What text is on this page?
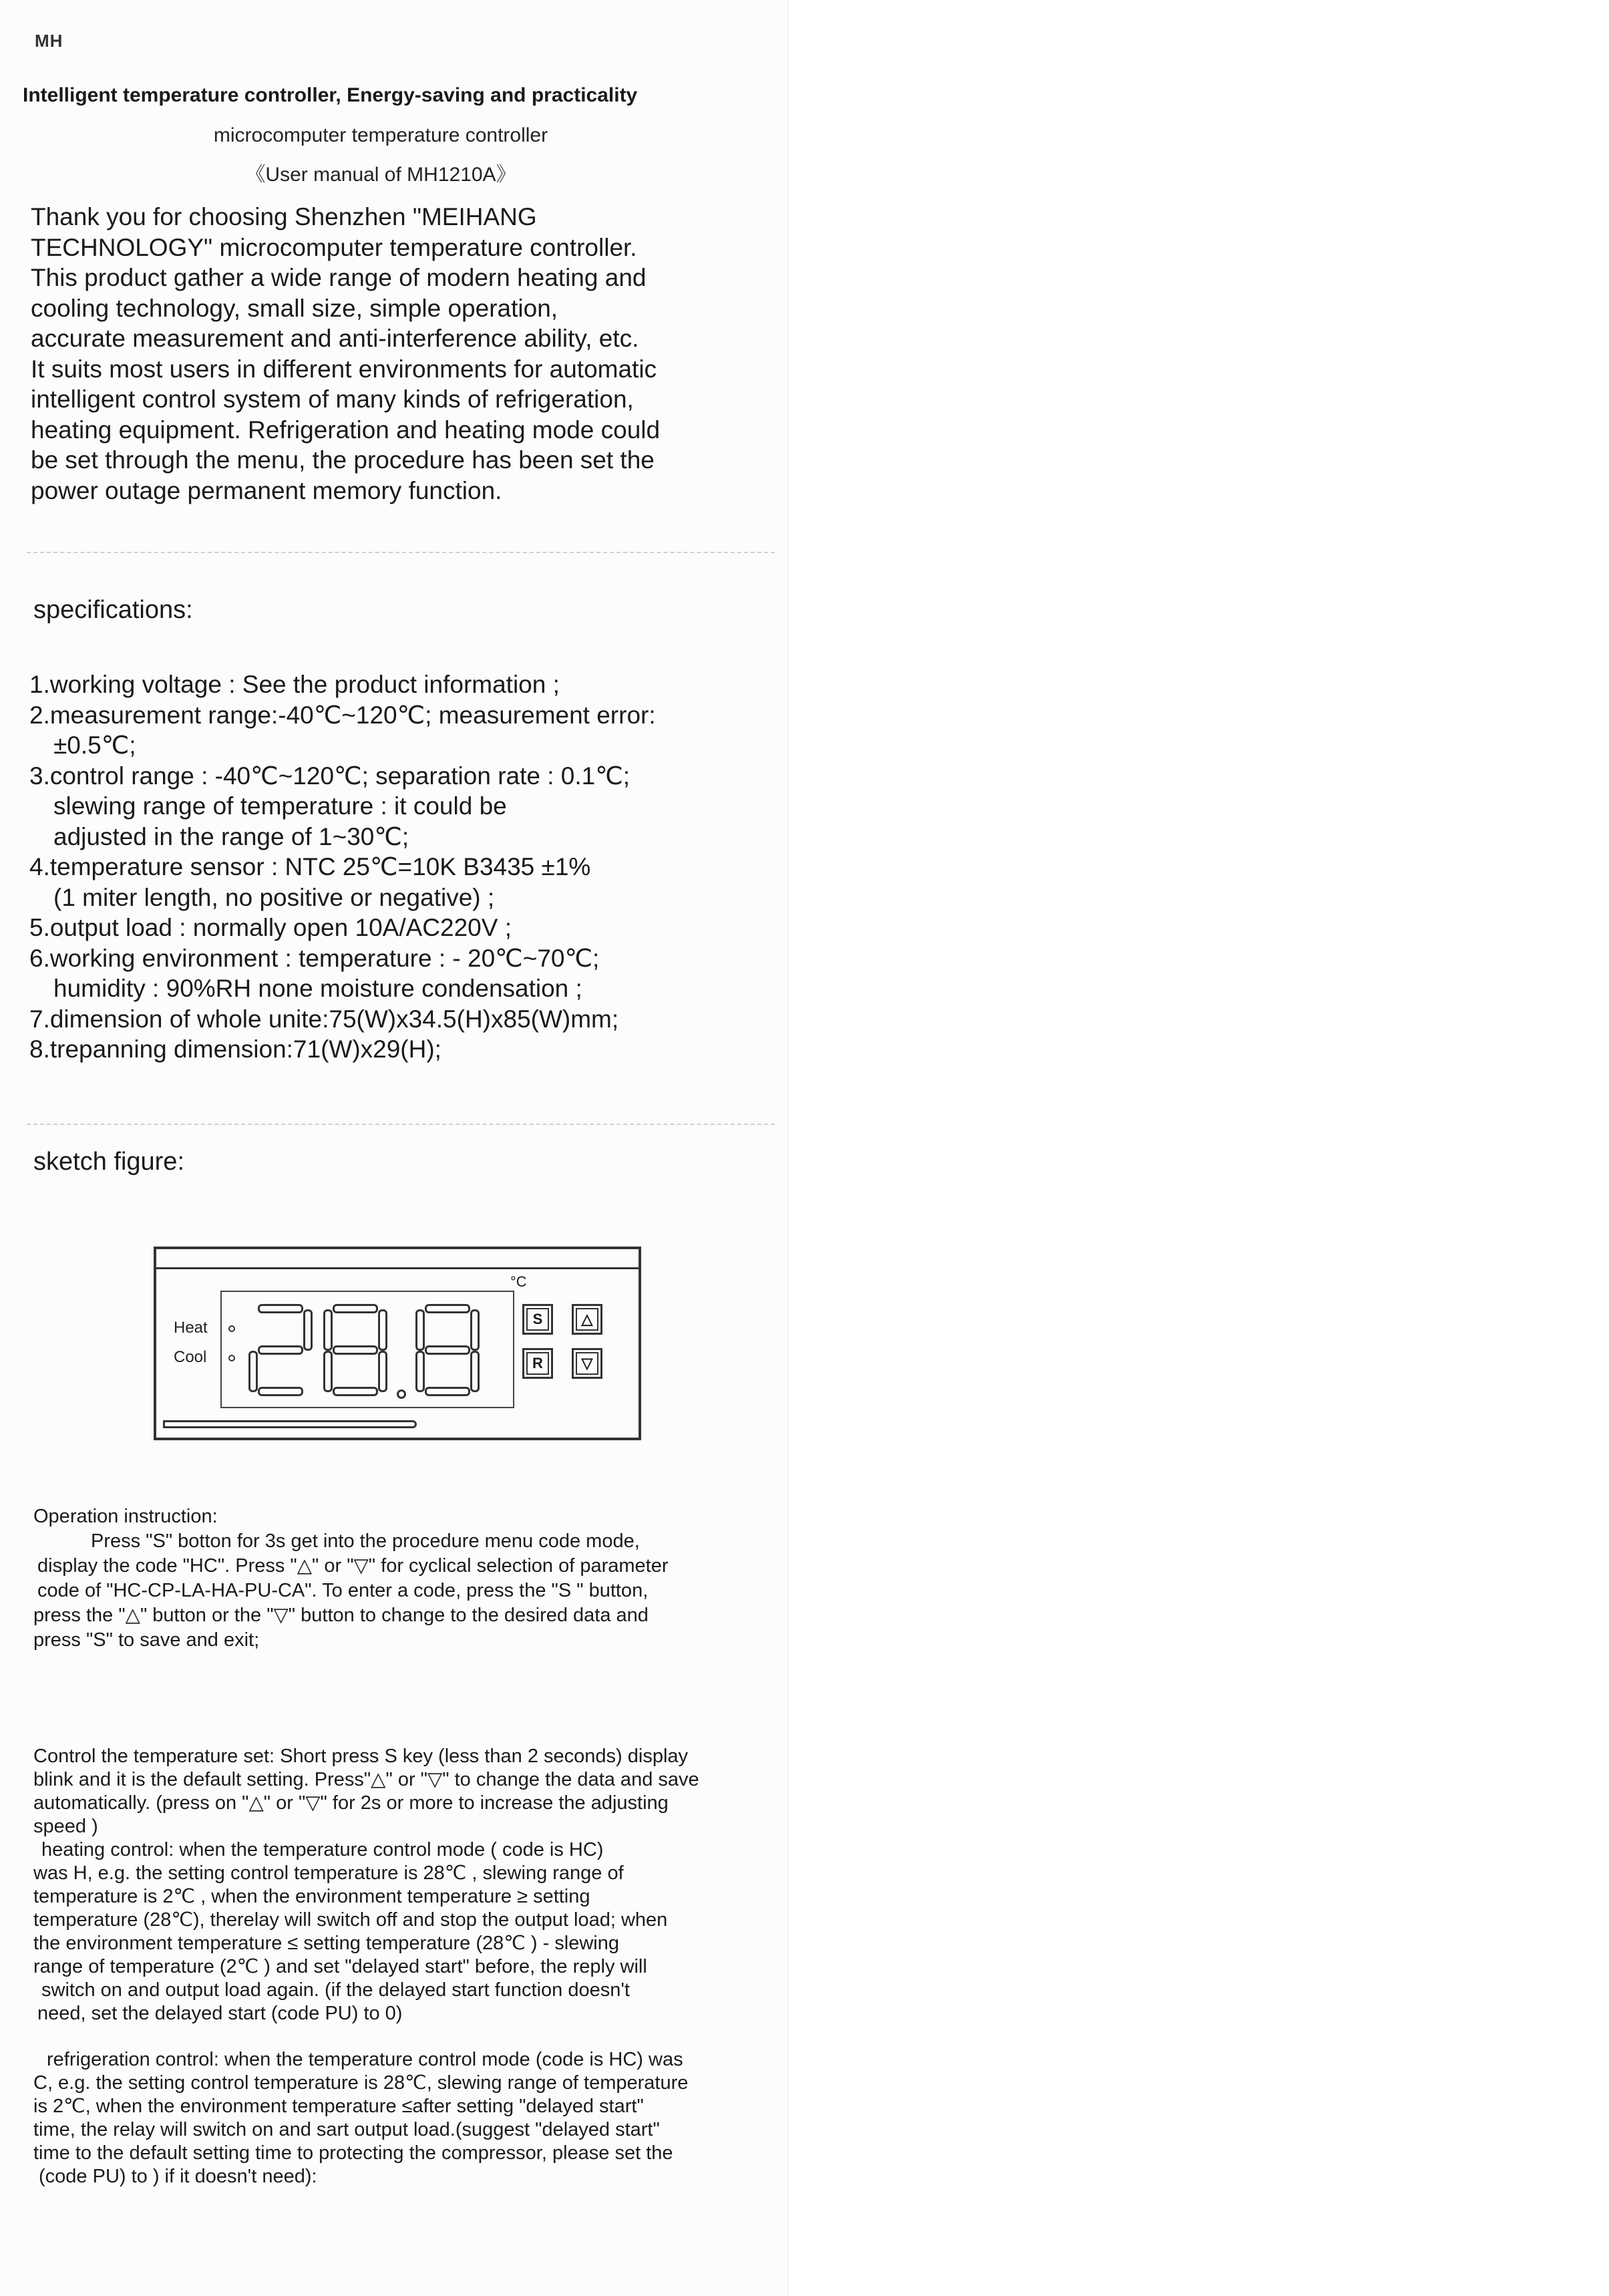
MH
Intelligent temperature controller, Energy-saving and practicality
microcomputer temperature controller
《User manual of MH1210A》
Thank you for choosing Shenzhen "MEIHANG
TECHNOLOGY" microcomputer temperature controller.
This product gather a wide range of modern heating and
cooling technology, small size, simple operation,
accurate measurement and anti-interference ability, etc.
It suits most users in different environments for automatic
intelligent control system of many kinds of refrigeration,
heating equipment. Refrigeration and heating mode could
be set through the menu, the procedure has been set the
power outage permanent memory function.
specifications:
1.working voltage : See the product information ;
2.measurement range:-40℃~120℃; measurement error:
±0.5℃;
3.control range : -40℃~120℃; separation rate : 0.1℃;
slewing range of temperature : it could be
adjusted in the range of 1~30℃;
4.temperature sensor : NTC 25℃=10K B3435 ±1%
(1 miter length, no positive or negative) ;
5.output load : normally open 10A/AC220V ;
6.working environment : temperature : - 20℃~70℃;
humidity : 90%RH none moisture condensation ;
7.dimension of whole unite:75(W)x34.5(H)x85(W)mm;
8.trepanning dimension:71(W)x29(H);
sketch figure:
Heat
Cool
°C
S	△
R	▽
Operation instruction:
Press "S" botton for 3s get into the procedure menu code mode,
display the code "HC". Press "△" or "▽" for cyclical selection of parameter
code of "HC-CP-LA-HA-PU-CA". To enter a code, press the "S " button,
press the "△" button or the "▽" button to change to the desired data and
press "S" to save and exit;
Control the temperature set: Short press S key (less than 2 seconds) display
blink and it is the default setting. Press"△" or "▽" to change the data and save
automatically. (press on "△" or "▽" for 2s or more to increase the adjusting
speed )
heating control: when the temperature control mode ( code is HC)
was H, e.g. the setting control temperature is 28℃ , slewing range of
temperature is 2℃ , when the environment temperature ≥ setting
temperature (28℃), therelay will switch off and stop the output load; when
the environment temperature ≤ setting temperature (28℃ ) - slewing
range of temperature (2℃ ) and set "delayed start" before, the reply will
switch on and output load again. (if the delayed start function doesn't
need, set the delayed start (code PU) to 0)
refrigeration control: when the temperature control mode (code is HC) was
C, e.g. the setting control temperature is 28℃, slewing range of temperature
is 2℃, when the environment temperature ≤after setting "delayed start"
time, the relay will switch on and sart output load.(suggest "delayed start"
time to the default setting time to protecting the compressor, please set the
(code PU) to ) if it doesn't need):
